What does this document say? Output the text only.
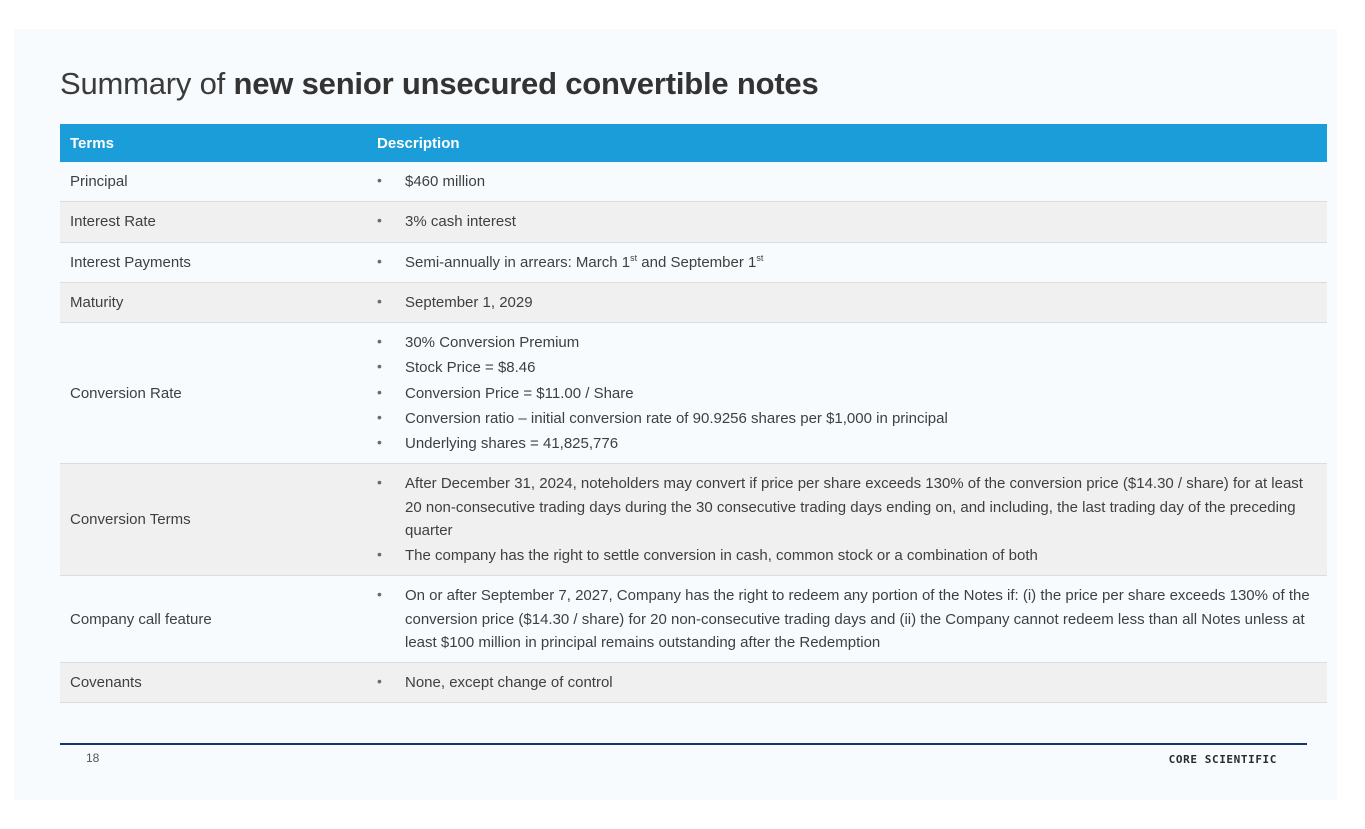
Summary of new senior unsecured convertible notes
Terms	Description
Principal	
•$460 million

Interest Rate	
•3% cash interest

Interest Payments	
•Semi-annually in arrears: March 1st and September 1st

Maturity	
•September 1, 2029

Conversion Rate	
• 30% Conversion Premium
• Stock Price = $8.46
• Conversion Price = $11.00 / Share
• Conversion ratio – initial conversion rate of 90.9256 shares per $1,000 in principal
• Underlying shares = 41,825,776

Conversion Terms	
• After December 31, 2024, noteholders may convert if price per share exceeds 130% of the conversion price ($14.30 / share) for at least 20 non-consecutive trading days during the 30 consecutive trading days ending on, and including, the last trading day of the preceding quarter
• The company has the right to settle conversion in cash, common stock or a combination of both

Company call feature	
• On or after September 7, 2027, Company has the right to redeem any portion of the Notes if: (i) the price per share exceeds 130% of the conversion price ($14.30 / share) for 20 non-consecutive trading days and (ii) the Company cannot redeem less than all Notes unless at least $100 million in principal remains outstanding after the Redemption

Covenants	
•None, except change of control
18	CORE SCIENTIFIC
